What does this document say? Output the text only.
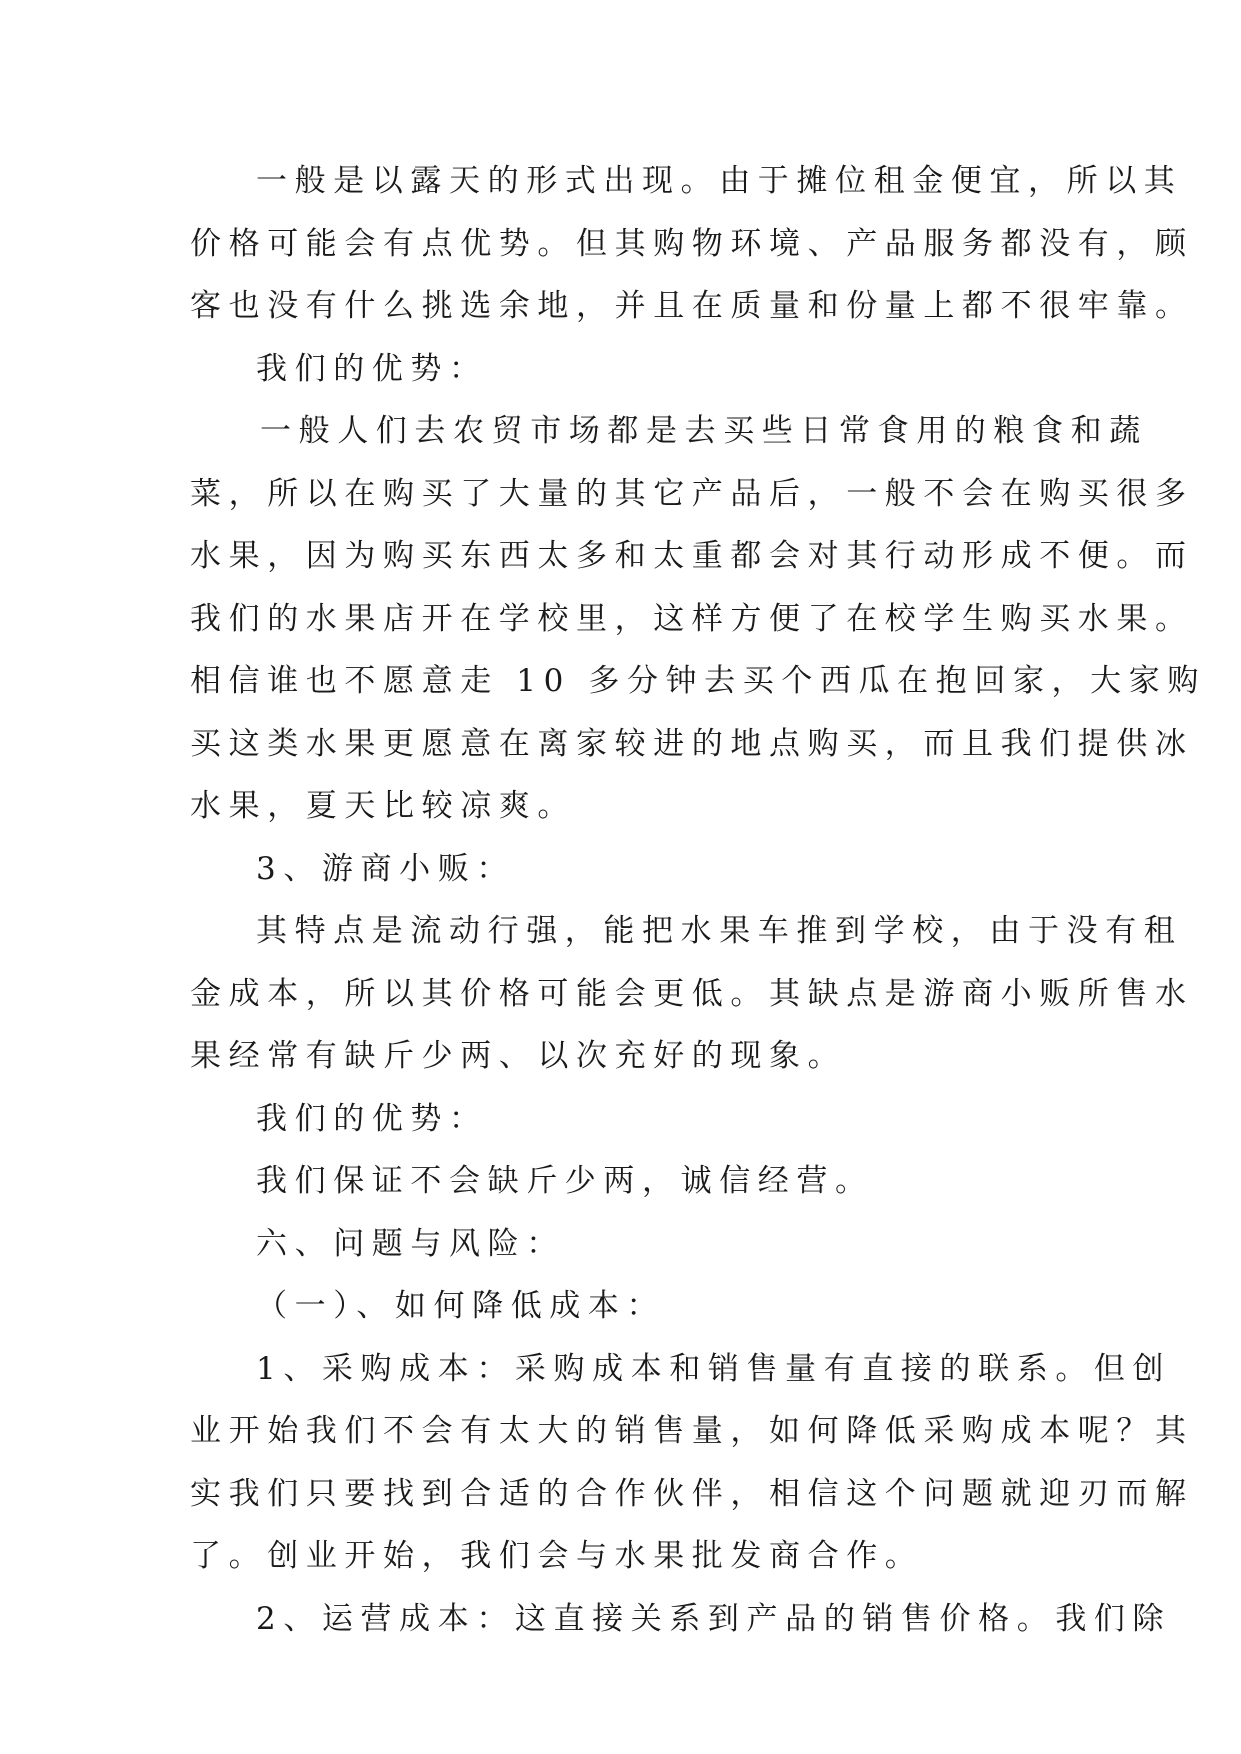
一般是以露天的形式出现。由于摊位租金便宜，所以其
价格可能会有点优势。但其购物环境、产品服务都没有，顾
客也没有什么挑选余地，并且在质量和份量上都不很牢靠。
我们的优势：
一般人们去农贸市场都是去买些日常食用的粮食和蔬
菜，所以在购买了大量的其它产品后，一般不会在购买很多
水果，因为购买东西太多和太重都会对其行动形成不便。而
我们的水果店开在学校里，这样方便了在校学生购买水果。
相信谁也不愿意走 10 多分钟去买个西瓜在抱回家，大家购
买这类水果更愿意在离家较进的地点购买，而且我们提供冰
水果，夏天比较凉爽。
3、游商小贩：
其特点是流动行强，能把水果车推到学校，由于没有租
金成本，所以其价格可能会更低。其缺点是游商小贩所售水
果经常有缺斤少两、以次充好的现象。
我们的优势：
我们保证不会缺斤少两，诚信经营。
六、问题与风险：
（一）、如何降低成本：
1、采购成本：采购成本和销售量有直接的联系。但创
业开始我们不会有太大的销售量，如何降低采购成本呢？其
实我们只要找到合适的合作伙伴，相信这个问题就迎刃而解
了。创业开始，我们会与水果批发商合作。
2、运营成本：这直接关系到产品的销售价格。我们除
